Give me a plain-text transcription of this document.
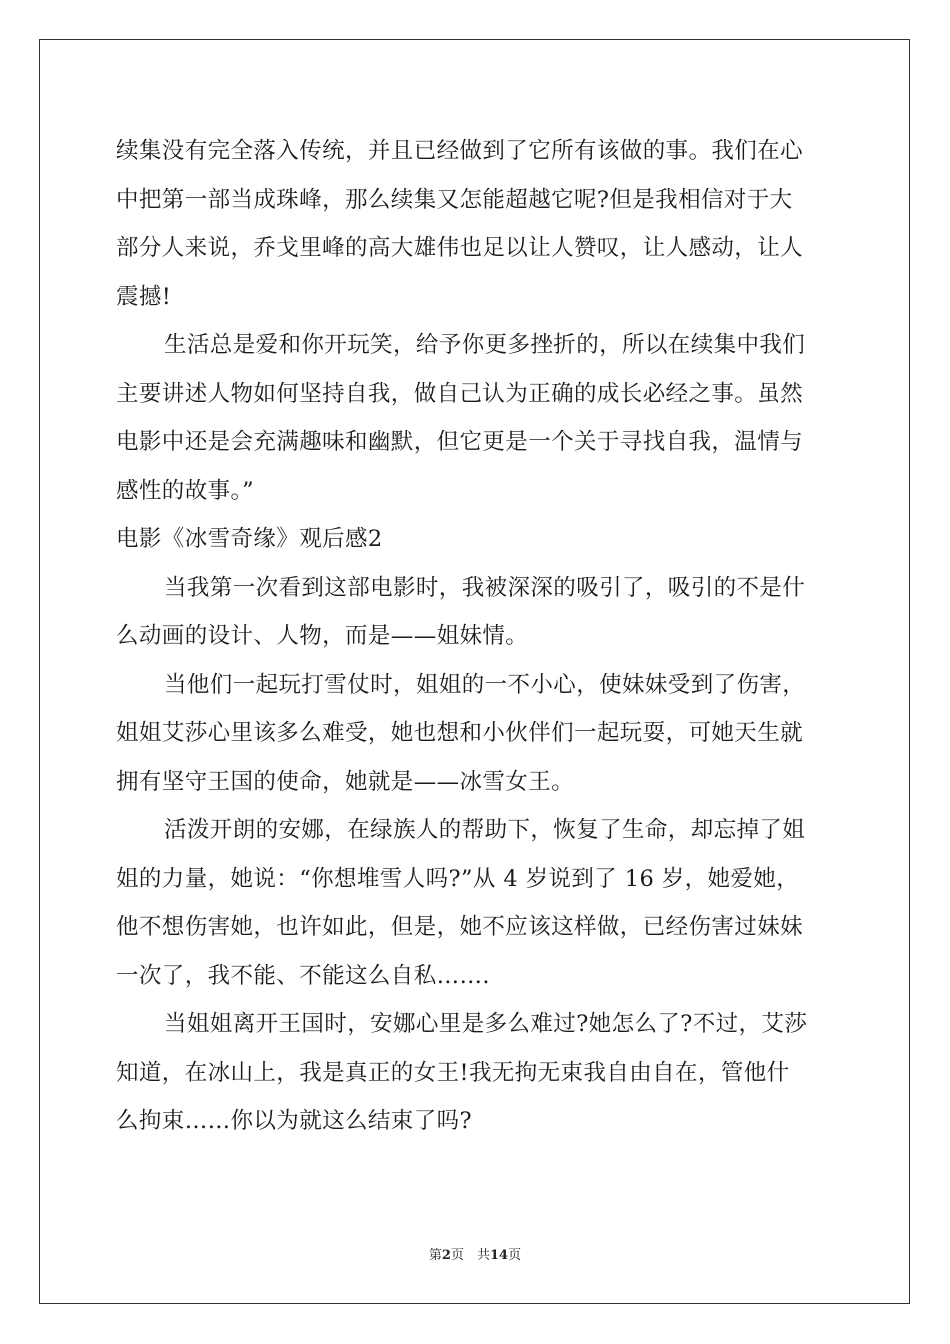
续集没有完全落入传统，并且已经做到了它所有该做的事。我们在心
中把第一部当成珠峰，那么续集又怎能超越它呢?但是我相信对于大
部分人来说，乔戈里峰的高大雄伟也足以让人赞叹，让人感动，让人
震撼!
生活总是爱和你开玩笑，给予你更多挫折的，所以在续集中我们
主要讲述人物如何坚持自我，做自己认为正确的成长必经之事。虽然
电影中还是会充满趣味和幽默，但它更是一个关于寻找自我，温情与
感性的故事。”
电影《冰雪奇缘》观后感2
当我第一次看到这部电影时，我被深深的吸引了，吸引的不是什
么动画的设计、人物，而是——姐妹情。
当他们一起玩打雪仗时，姐姐的一不小心，使妹妹受到了伤害，
姐姐艾莎心里该多么难受，她也想和小伙伴们一起玩耍，可她天生就
拥有坚守王国的使命，她就是——冰雪女王。
活泼开朗的安娜，在绿族人的帮助下，恢复了生命，却忘掉了姐
姐的力量，她说：“你想堆雪人吗?”从 4 岁说到了 16 岁，她爱她，
他不想伤害她，也许如此，但是，她不应该这样做，已经伤害过妹妹
一次了，我不能、不能这么自私…….
当姐姐离开王国时，安娜心里是多么难过?她怎么了?不过，艾莎
知道，在冰山上，我是真正的女王!我无拘无束我自由自在，管他什
么拘束……你以为就这么结束了吗?
第2页　共14页
